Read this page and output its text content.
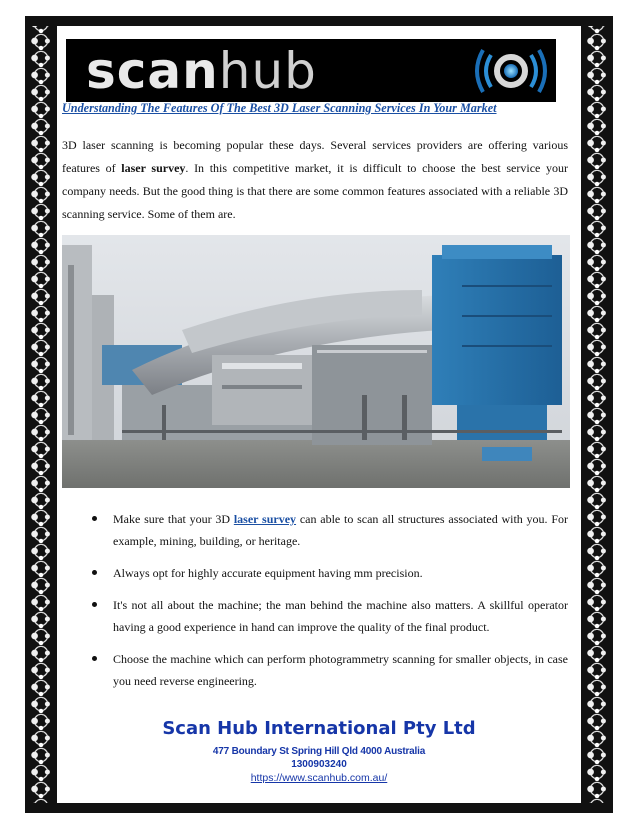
scanhub
Understanding The Features Of The Best 3D Laser Scanning Services In Your Market
3D laser scanning is becoming popular these days. Several services providers are offering various features of laser survey. In this competitive market, it is difficult to choose the best service your company needs. But the good thing is that there are some common features associated with a reliable 3D scanning service. Some of them are.
Make sure that your 3D laser survey can able to scan all structures associated with you. For example, mining, building, or heritage.
Always opt for highly accurate equipment having mm precision.
It's not all about the machine; the man behind the machine also matters. A skillful operator having a good experience in hand can improve the quality of the final product.
Choose the machine which can perform photogrammetry scanning for smaller objects, in case you need reverse engineering.
Scan Hub International Pty Ltd
477 Boundary St Spring Hill Qld 4000 Australia
1300903240
https://www.scanhub.com.au/
